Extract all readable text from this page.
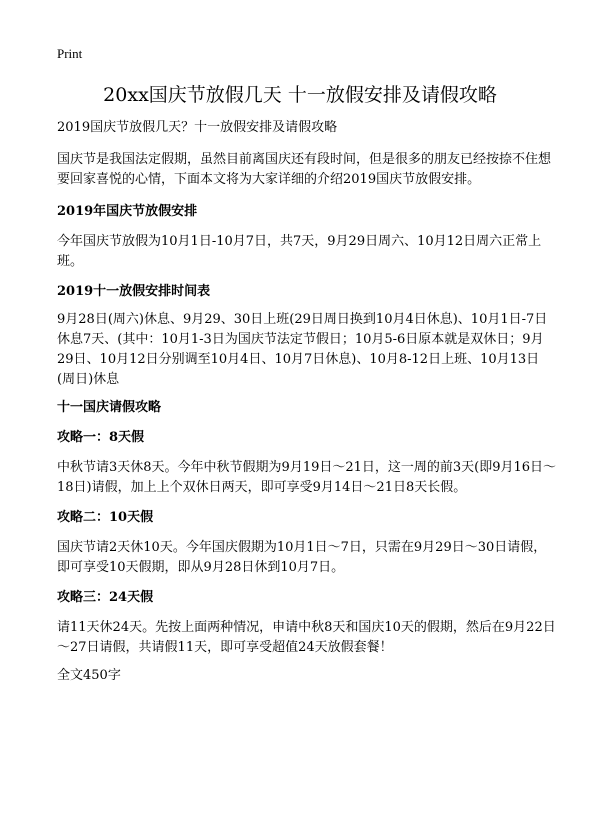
Print
20xx国庆节放假几天 十一放假安排及请假攻略

2019国庆节放假几天？十一放假安排及请假攻略

国庆节是我国法定假期，虽然目前离国庆还有段时间，但是很多的朋友已经按捺不住想要回家喜悦的心情，下面本文将为大家详细的介绍2019国庆节放假安排。

2019年国庆节放假安排

今年国庆节放假为10月1日-10月7日，共7天，9月29日周六、10月12日周六正常上班。

2019十一放假安排时间表

9月28日(周六)休息、9月29、30日上班(29日周日换到10月4日休息)、10月1日-7日休息7天、(其中：10月1-3日为国庆节法定节假日；10月5-6日原本就是双休日；9月29日、10月12日分别调至10月4日、10月7日休息)、10月8-12日上班、10月13日(周日)休息

十一国庆请假攻略

攻略一：8天假

中秋节请3天休8天。今年中秋节假期为9月19日～21日，这一周的前3天(即9月16日～18日)请假，加上上个双休日两天，即可享受9月14日～21日8天长假。

攻略二：10天假

国庆节请2天休10天。今年国庆假期为10月1日～7日，只需在9月29日～30日请假，即可享受10天假期，即从9月28日休到10月7日。

攻略三：24天假

请11天休24天。先按上面两种情况，申请中秋8天和国庆10天的假期，然后在9月22日～27日请假，共请假11天，即可享受超值24天放假套餐！

全文450字
